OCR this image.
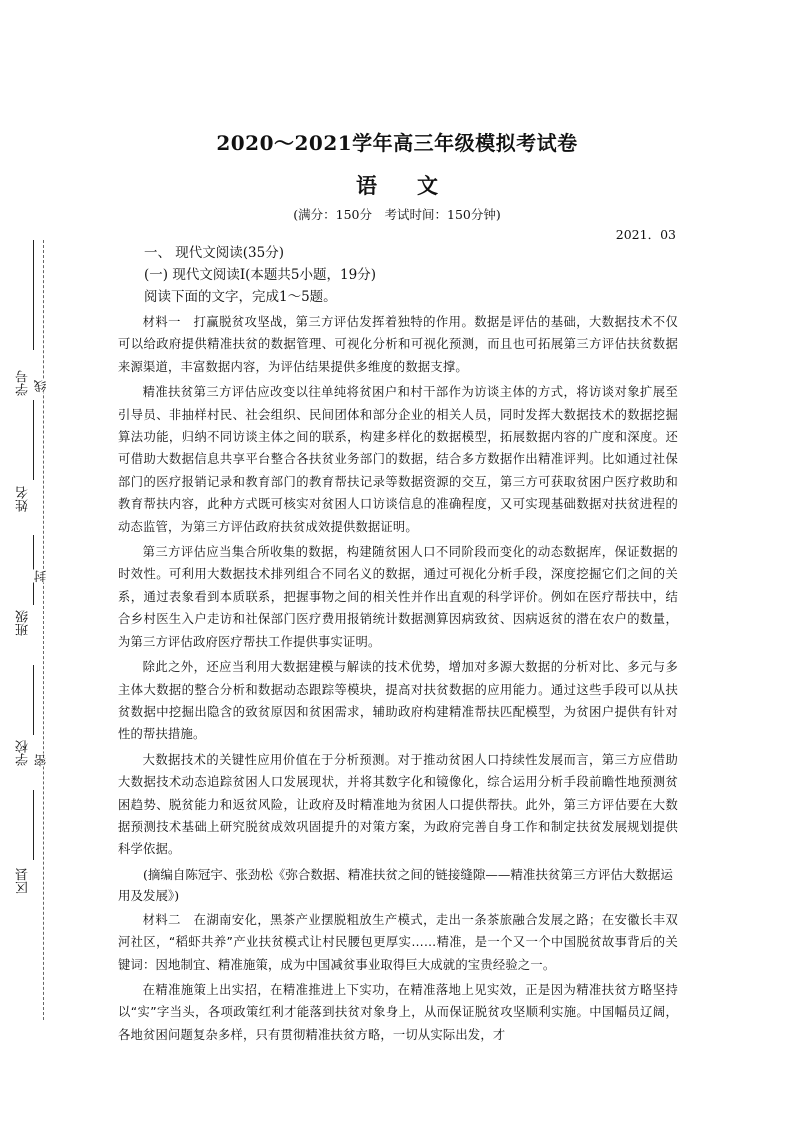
学号
姓名
班级
学校
区县
线
封
密
2020～2021学年高三年级模拟考试卷
语文
(满分：150分　考试时间：150分钟)
2021．03
一、 现代文阅读(35分)
(一) 现代文阅读Ⅰ(本题共5小题，19分)
阅读下面的文字，完成1～5题。

材料一　打赢脱贫攻坚战，第三方评估发挥着独特的作用。数据是评估的基础，大数据技术不仅可以给政府提供精准扶贫的数据管理、可视化分析和可视化预测，而且也可拓展第三方评估扶贫数据来源渠道，丰富数据内容，为评估结果提供多维度的数据支撑。

精准扶贫第三方评估应改变以往单纯将贫困户和村干部作为访谈主体的方式，将访谈对象扩展至引导员、非抽样村民、社会组织、民间团体和部分企业的相关人员，同时发挥大数据技术的数据挖掘算法功能，归纳不同访谈主体之间的联系，构建多样化的数据模型，拓展数据内容的广度和深度。还可借助大数据信息共享平台整合各扶贫业务部门的数据，结合多方数据作出精准评判。比如通过社保部门的医疗报销记录和教育部门的教育帮扶记录等数据资源的交互，第三方可获取贫困户医疗救助和教育帮扶内容，此种方式既可核实对贫困人口访谈信息的准确程度，又可实现基础数据对扶贫进程的动态监管，为第三方评估政府扶贫成效提供数据证明。

第三方评估应当集合所收集的数据，构建随贫困人口不同阶段而变化的动态数据库，保证数据的时效性。可利用大数据技术排列组合不同名义的数据，通过可视化分析手段，深度挖掘它们之间的关系，通过表象看到本质联系，把握事物之间的相关性并作出直观的科学评价。例如在医疗帮扶中，结合乡村医生入户走访和社保部门医疗费用报销统计数据测算因病致贫、因病返贫的潜在农户的数量，为第三方评估政府医疗帮扶工作提供事实证明。

除此之外，还应当利用大数据建模与解读的技术优势，增加对多源大数据的分析对比、多元与多主体大数据的整合分析和数据动态跟踪等模块，提高对扶贫数据的应用能力。通过这些手段可以从扶贫数据中挖掘出隐含的致贫原因和贫困需求，辅助政府构建精准帮扶匹配模型，为贫困户提供有针对性的帮扶措施。

大数据技术的关键性应用价值在于分析预测。对于推动贫困人口持续性发展而言，第三方应借助大数据技术动态追踪贫困人口发展现状，并将其数字化和镜像化，综合运用分析手段前瞻性地预测贫困趋势、脱贫能力和返贫风险，让政府及时精准地为贫困人口提供帮扶。此外，第三方评估要在大数据预测技术基础上研究脱贫成效巩固提升的对策方案，为政府完善自身工作和制定扶贫发展规划提供科学依据。

(摘编自陈冠宇、张劲松《弥合数据、精准扶贫之间的链接缝隙——精准扶贫第三方评估大数据运用及发展》)

材料二　在湖南安化，黑茶产业摆脱粗放生产模式，走出一条茶旅融合发展之路；在安徽长丰双河社区，“稻虾共养”产业扶贫模式让村民腰包更厚实……精准，是一个又一个中国脱贫故事背后的关键词：因地制宜、精准施策，成为中国减贫事业取得巨大成就的宝贵经验之一。

在精准施策上出实招，在精准推进上下实功，在精准落地上见实效，正是因为精准扶贫方略坚持以“实”字当头，各项政策红利才能落到扶贫对象身上，从而保证脱贫攻坚顺利实施。中国幅员辽阔，各地贫困问题复杂多样，只有贯彻精准扶贫方略，一切从实际出发，才
